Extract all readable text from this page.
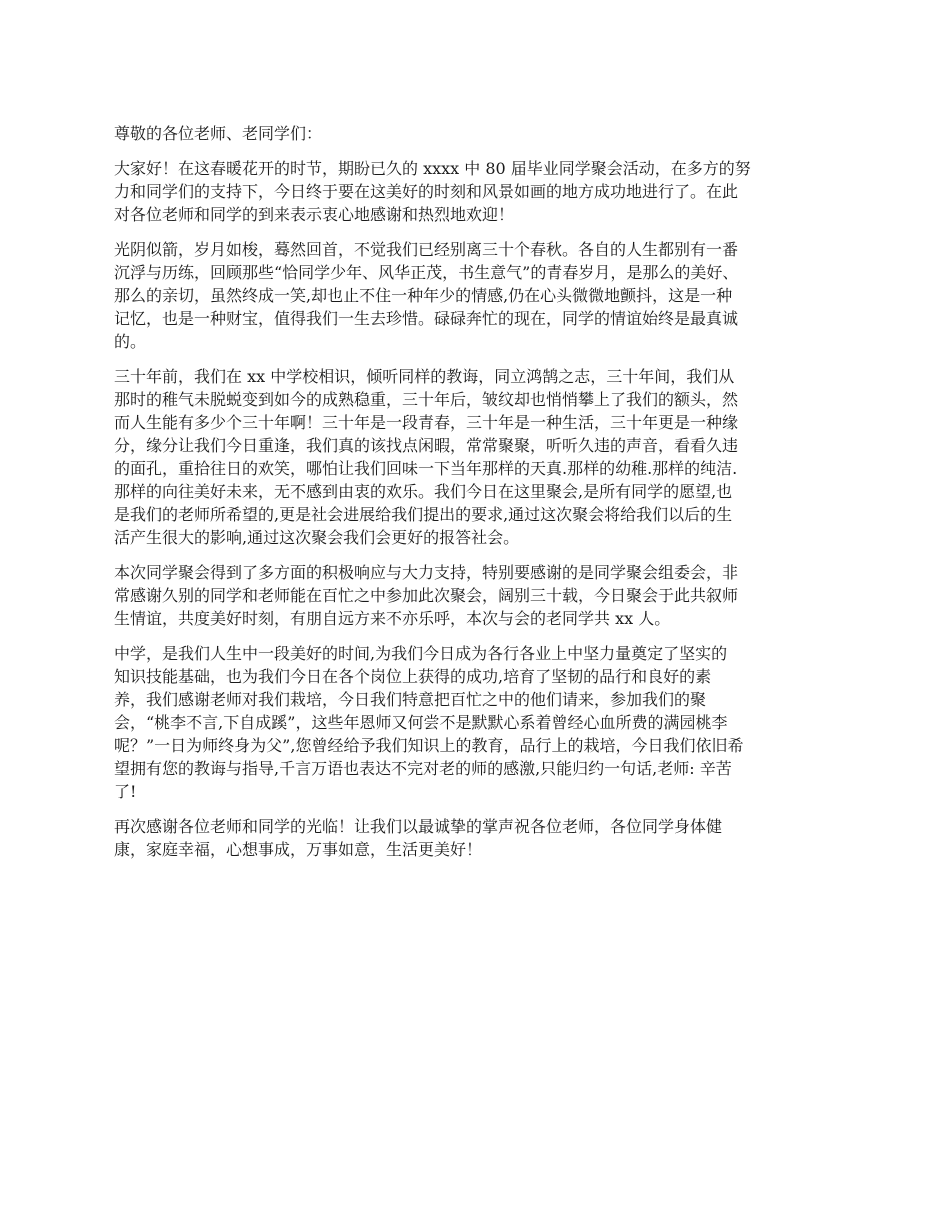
尊敬的各位老师、老同学们：

大家好！在这春暖花开的时节，期盼已久的 xxxx 中 80 届毕业同学聚会活动，在多方的努
力和同学们的支持下，今日终于要在这美好的时刻和风景如画的地方成功地进行了。在此
对各位老师和同学的到来表示衷心地感谢和热烈地欢迎！

光阴似箭，岁月如梭，蓦然回首，不觉我们已经别离三十个春秋。各自的人生都别有一番
沉浮与历练，回顾那些“恰同学少年、风华正茂，书生意气”的青春岁月，是那么的美好、
那么的亲切，虽然终成一笑,却也止不住一种年少的情感,仍在心头微微地颤抖，这是一种
记忆，也是一种财宝，值得我们一生去珍惜。碌碌奔忙的现在，同学的情谊始终是最真诚
的。

三十年前，我们在 xx 中学校相识，倾听同样的教诲，同立鸿鹄之志，三十年间，我们从
那时的稚气未脱蜕变到如今的成熟稳重，三十年后，皱纹却也悄悄攀上了我们的额头，然
而人生能有多少个三十年啊！三十年是一段青春，三十年是一种生活，三十年更是一种缘
分，缘分让我们今日重逢，我们真的该找点闲暇，常常聚聚，听听久违的声音，看看久违
的面孔，重拾往日的欢笑，哪怕让我们回味一下当年那样的天真.那样的幼稚.那样的纯洁.
那样的向往美好未来，无不感到由衷的欢乐。我们今日在这里聚会,是所有同学的愿望,也
是我们的老师所希望的,更是社会进展给我们提出的要求,通过这次聚会将给我们以后的生
活产生很大的影响,通过这次聚会我们会更好的报答社会。

本次同学聚会得到了多方面的积极响应与大力支持，特别要感谢的是同学聚会组委会，非
常感谢久别的同学和老师能在百忙之中参加此次聚会，阔别三十载，今日聚会于此共叙师
生情谊，共度美好时刻，有朋自远方来不亦乐呼，本次与会的老同学共 xx 人。

中学，是我们人生中一段美好的时间,为我们今日成为各行各业上中坚力量奠定了坚实的
知识技能基础，也为我们今日在各个岗位上获得的成功,培育了坚韧的品行和良好的素
养，我们感谢老师对我们栽培，今日我们特意把百忙之中的他们请来，参加我们的聚
会，“桃李不言,下自成蹊”，这些年恩师又何尝不是默默心系着曾经心血所费的满园桃李
呢？”一日为师终身为父”,您曾经给予我们知识上的教育，品行上的栽培，今日我们依旧希
望拥有您的教诲与指导,千言万语也表达不完对老的师的感激,只能归约一句话,老师: 辛苦
了!

再次感谢各位老师和同学的光临！让我们以最诚挚的掌声祝各位老师，各位同学身体健
康，家庭幸福，心想事成，万事如意，生活更美好！
